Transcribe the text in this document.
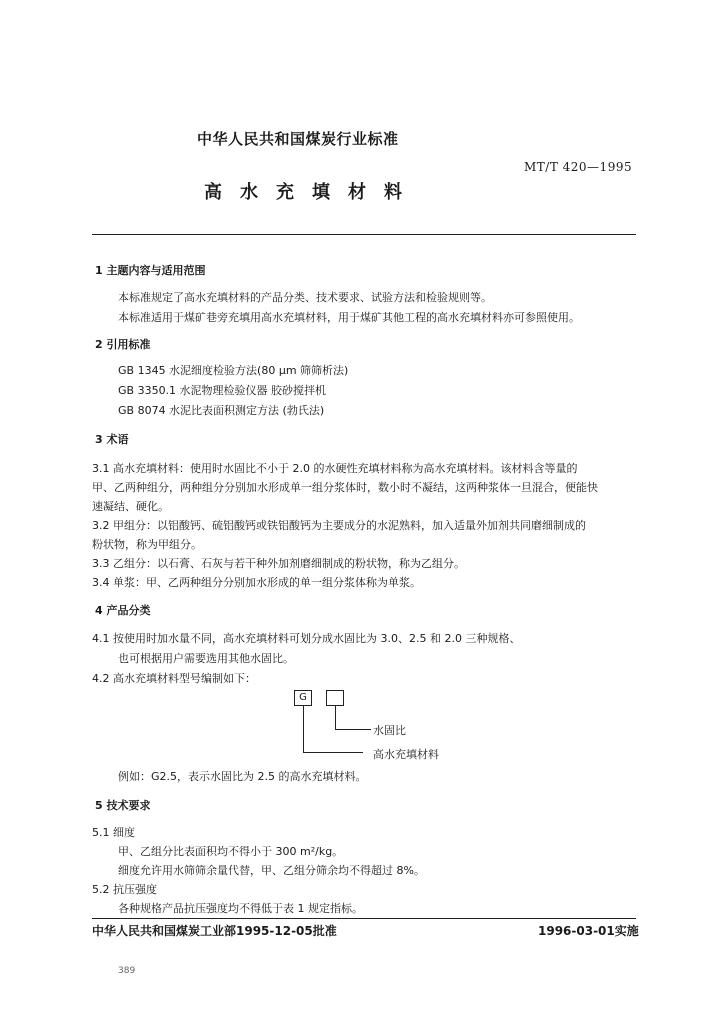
中华人民共和国煤炭行业标准
MT/T 420—1995
高水充填材料
1 主题内容与适用范围
本标准规定了高水充填材料的产品分类、技术要求、试验方法和检验规则等。
本标准适用于煤矿巷旁充填用高水充填材料，用于煤矿其他工程的高水充填材料亦可参照使用。
2 引用标准
GB 1345 水泥细度检验方法(80 μm 筛筛析法)
GB 3350.1 水泥物理检验仪器 胶砂搅拌机
GB 8074 水泥比表面积测定方法 (勃氏法)
3 术语
3.1 高水充填材料：使用时水固比不小于 2.0 的水硬性充填材料称为高水充填材料。该材料含等量的
甲、乙两种组分，两种组分分别加水形成单一组分浆体时，数小时不凝结，这两种浆体一旦混合，便能快
速凝结、硬化。
3.2 甲组分：以铝酸钙、硫铝酸钙或铁铝酸钙为主要成分的水泥熟料，加入适量外加剂共同磨细制成的
粉状物，称为甲组分。
3.3 乙组分：以石膏、石灰与若干种外加剂磨细制成的粉状物，称为乙组分。
3.4 单浆：甲、乙两种组分分别加水形成的单一组分浆体称为单浆。
4 产品分类
4.1 按使用时加水量不同，高水充填材料可划分成水固比为 3.0、2.5 和 2.0 三种规格、
也可根据用户需要选用其他水固比。
4.2 高水充填材料型号编制如下：
G
水固比
高水充填材料
例如：G2.5，表示水固比为 2.5 的高水充填材料。
5 技术要求
5.1 细度
甲、乙组分比表面积均不得小于 300 m²/kg。
细度允许用水筛筛余量代替，甲、乙组分筛余均不得超过 8%。
5.2 抗压强度
各种规格产品抗压强度均不得低于表 1 规定指标。
中华人民共和国煤炭工业部1995-12-05批准	1996-03-01实施
389
